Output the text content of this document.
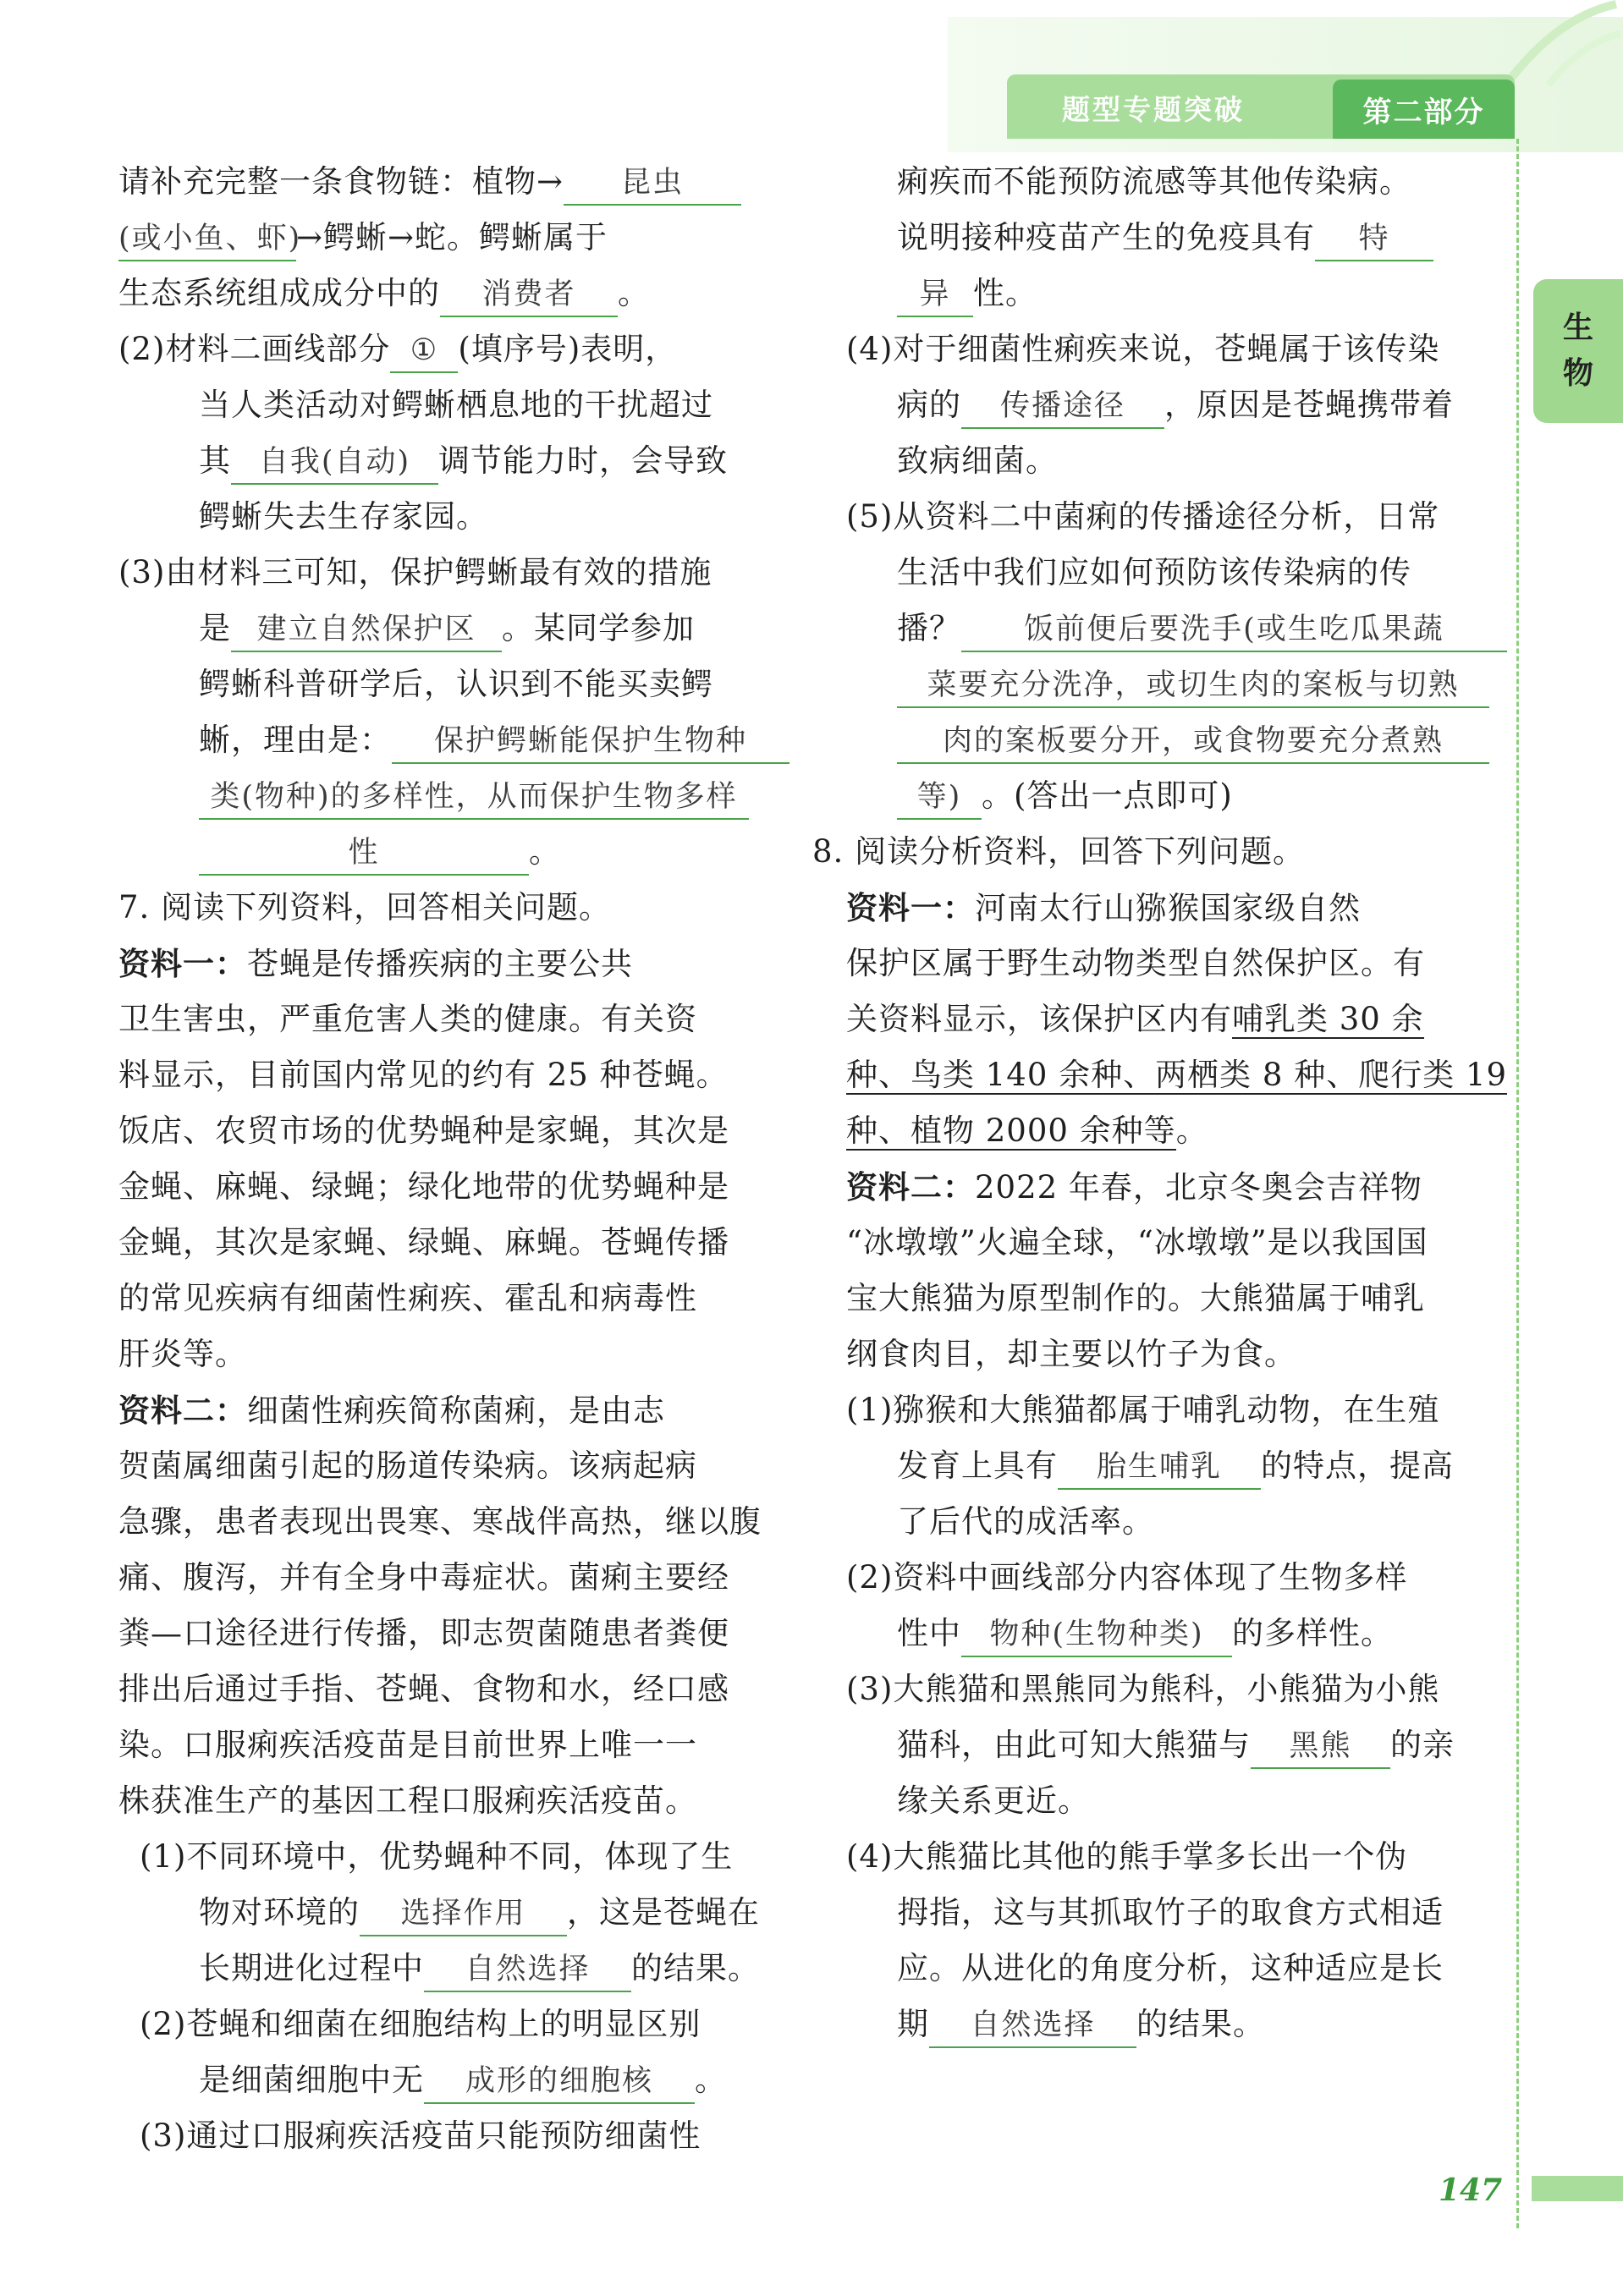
题型专题突破	第二部分
生
物
请补充完整一条食物链：植物→ 昆虫
(或小鱼、虾)→鳄蜥→蛇。鳄蜥属于
生态系统组成成分中的 消费者 。
(2)材料二画线部分 ① (填序号)表明，
当人类活动对鳄蜥栖息地的干扰超过
其 自我(自动) 调节能力时，会导致
鳄蜥失去生存家园。
(3)由材料三可知，保护鳄蜥最有效的措施
是 建立自然保护区 。某同学参加
鳄蜥科普研学后，认识到不能买卖鳄
蜥，理由是： 保护鳄蜥能保护生物种
类(物种)的多样性，从而保护生物多样
性	。
7. 阅读下列资料，回答相关问题。
资料一：苍蝇是传播疾病的主要公共
卫生害虫，严重危害人类的健康。有关资
料显示，目前国内常见的约有 25 种苍蝇。
饭店、农贸市场的优势蝇种是家蝇，其次是
金蝇、麻蝇、绿蝇；绿化地带的优势蝇种是
金蝇，其次是家蝇、绿蝇、麻蝇。苍蝇传播
的常见疾病有细菌性痢疾、霍乱和病毒性
肝炎等。
资料二：细菌性痢疾简称菌痢，是由志
贺菌属细菌引起的肠道传染病。该病起病
急骤，患者表现出畏寒、寒战伴高热，继以腹
痛、腹泻，并有全身中毒症状。菌痢主要经
粪—口途径进行传播，即志贺菌随患者粪便
排出后通过手指、苍蝇、食物和水，经口感
染。口服痢疾活疫苗是目前世界上唯一一
株获准生产的基因工程口服痢疾活疫苗。
(1)不同环境中，优势蝇种不同，体现了生
物对环境的 选择作用 ，这是苍蝇在
长期进化过程中 自然选择 的结果。
(2)苍蝇和细菌在细胞结构上的明显区别
是细菌细胞中无 成形的细胞核 。
(3)通过口服痢疾活疫苗只能预防细菌性
痢疾而不能预防流感等其他传染病。
说明接种疫苗产生的免疫具有 特
异 性。
(4)对于细菌性痢疾来说，苍蝇属于该传染
病的 传播途径 ，原因是苍蝇携带着
致病细菌。
(5)从资料二中菌痢的传播途径分析，日常
生活中我们应如何预防该传染病的传
播？ 饭前便后要洗手(或生吃瓜果蔬
菜要充分洗净，或切生肉的案板与切熟
肉的案板要分开，或食物要充分煮熟
等) 。(答出一点即可)
8. 阅读分析资料，回答下列问题。
资料一：河南太行山猕猴国家级自然
保护区属于野生动物类型自然保护区。有
关资料显示，该保护区内有哺乳类 30 余
种、鸟类 140 余种、两栖类 8 种、爬行类 19
种、植物 2000 余种等。
资料二：2022 年春，北京冬奥会吉祥物
“冰墩墩”火遍全球，“冰墩墩”是以我国国
宝大熊猫为原型制作的。大熊猫属于哺乳
纲食肉目，却主要以竹子为食。
(1)猕猴和大熊猫都属于哺乳动物，在生殖
发育上具有 胎生哺乳 的特点，提高
了后代的成活率。
(2)资料中画线部分内容体现了生物多样
性中 物种(生物种类) 的多样性。
(3)大熊猫和黑熊同为熊科，小熊猫为小熊
猫科，由此可知大熊猫与 黑熊 的亲
缘关系更近。
(4)大熊猫比其他的熊手掌多长出一个伪
拇指，这与其抓取竹子的取食方式相适
应。从进化的角度分析，这种适应是长
期 自然选择 的结果。
147
